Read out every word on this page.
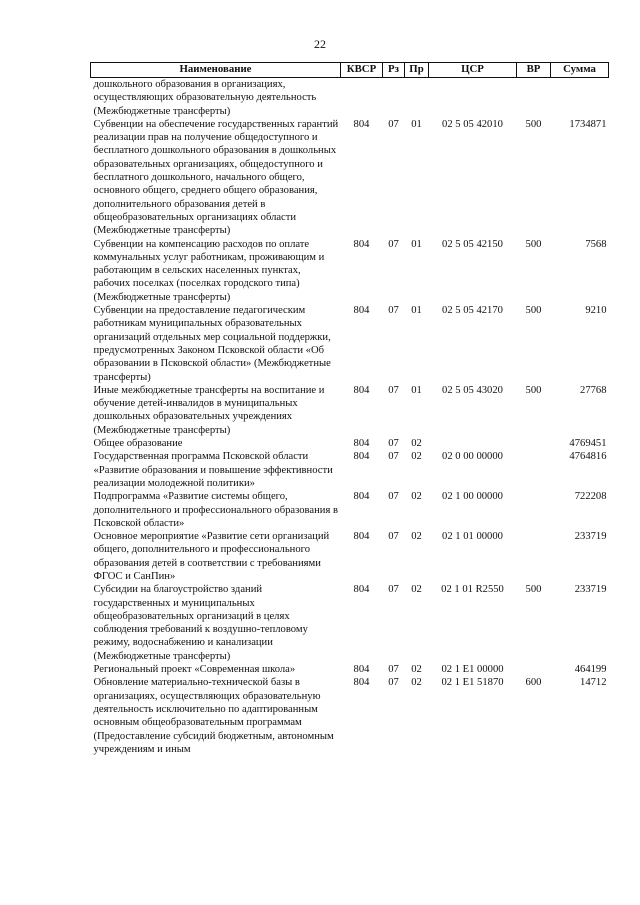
22
Наименование	КВСР	Рз	Пр	ЦСР	ВР	Сумма
дошкольного образования в организациях, осуществляющих образовательную деятельность (Межбюджетные трансферты)						
Субвенции на обеспечение государственных гарантий реализации прав на получение общедоступного и бесплатного дошкольного образования в дошкольных образовательных организациях, общедоступного и бесплатного дошкольного, начального общего, основного общего, среднего общего образования, дополнительного образования детей в общеобразовательных организациях области (Межбюджетные трансферты)	804	07	01	02 5 05 42010	500	1734871
Субвенции на компенсацию расходов по оплате коммунальных услуг работникам, проживающим и работающим в сельских населенных пунктах, рабочих поселках (поселках городского типа) (Межбюджетные трансферты)	804	07	01	02 5 05 42150	500	7568
Субвенции на предоставление педагогическим работникам муниципальных образовательных организаций отдельных мер социальной поддержки, предусмотренных Законом Псковской области «Об образовании в Псковской области» (Межбюджетные трансферты)	804	07	01	02 5 05 42170	500	9210
Иные межбюджетные трансферты на воспитание и обучение детей-инвалидов в муниципальных дошкольных образовательных учреждениях (Межбюджетные трансферты)	804	07	01	02 5 05 43020	500	27768
Общее образование	804	07	02			4769451
Государственная программа Псковской области «Развитие образования и повышение эффективности реализации молодежной политики»	804	07	02	02 0 00 00000		4764816
Подпрограмма «Развитие системы общего, дополнительного и профессионального образования в Псковской области»	804	07	02	02 1 00 00000		722208
Основное мероприятие «Развитие сети организаций общего, дополнительного и профессионального образования детей в соответствии с требованиями ФГОС и СанПин»	804	07	02	02 1 01 00000		233719
Субсидии на благоустройство зданий государственных и муниципальных общеобразовательных организаций в целях соблюдения требований к воздушно-тепловому режиму, водоснабжению и канализации (Межбюджетные трансферты)	804	07	02	02 1 01 R2550	500	233719
Региональный проект «Современная школа»	804	07	02	02 1 E1 00000		464199
Обновление материально-технической базы в организациях, осуществляющих образовательную деятельность исключительно по адаптированным основным общеобразовательным программам (Предоставление субсидий бюджетным, автономным учреждениям и иным	804	07	02	02 1 E1 51870	600	14712
